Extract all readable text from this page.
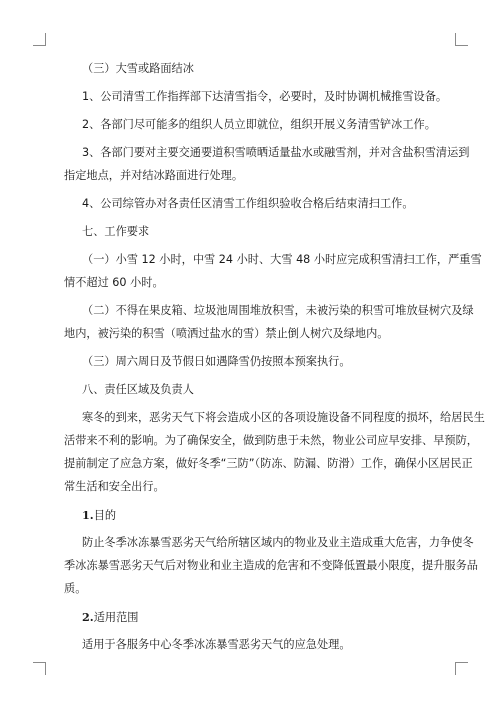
（三）大雪或路面结冰

1、公司清雪工作指挥部下达清雪指令，必要时，及时协调机械推雪设备。

2、各部门尽可能多的组织人员立即就位，组织开展义务清雪铲冰工作。

3、各部门要对主要交通要道积雪喷晒适量盐水或融雪剂，并对含盐积雪清运到

指定地点，并对结冰路面进行处理。

4、公司综管办对各责任区清雪工作组织验收合格后结束清扫工作。

七、工作要求

（一）小雪 12 小时，中雪 24 小时、大雪 48 小时应完成积雪清扫工作，严重雪

情不超过 60 小时。

（二）不得在果皮箱、垃圾池周围堆放积雪，未被污染的积雪可堆放昼树穴及绿

地内，被污染的积雪（喷洒过盐水的雪）禁止倒人树穴及绿地内。

（三）周六周日及节假日如遇降雪仍按照本预案执行。

八、责任区域及负责人

寒冬的到来，恶劣天气下将会造成小区的各项设施设备不同程度的损坏，给居民生

活带来不利的影响。为了确保安全，做到防患于未然，物业公司应早安排、早预防，

提前制定了应急方案，做好冬季“三防”（防冻、防漏、防滑）工作，确保小区居民正

常生活和安全出行。

1.目的

防止冬季冰冻暴雪恶劣天气给所辖区域内的物业及业主造成重大危害，力争使冬

季冰冻暴雪恶劣天气后对物业和业主造成的危害和不变降低置最小限度，提升服务品

质。

2.适用范围

适用于各服务中心冬季冰冻暴雪恶劣天气的应急处理。
